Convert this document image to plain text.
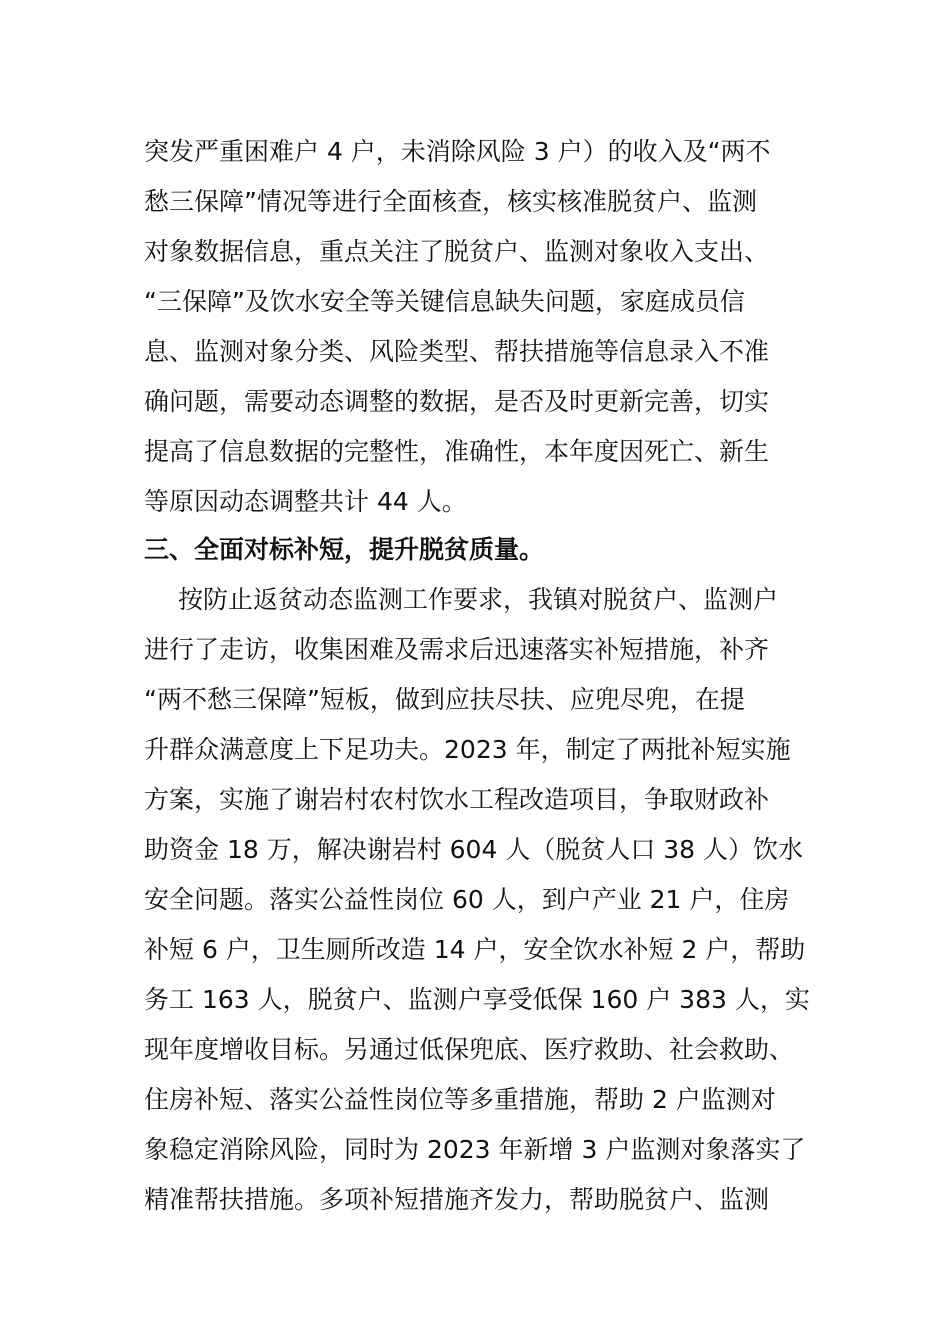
突发严重困难户 4 户，未消除风险 3 户）的收入及“两不
愁三保障”情况等进行全面核查，核实核准脱贫户、监测
对象数据信息，重点关注了脱贫户、监测对象收入支出、
“三保障”及饮水安全等关键信息缺失问题，家庭成员信
息、监测对象分类、风险类型、帮扶措施等信息录入不准
确问题，需要动态调整的数据，是否及时更新完善，切实
提高了信息数据的完整性，准确性，本年度因死亡、新生
等原因动态调整共计 44 人。
三、全面对标补短，提升脱贫质量。
按防止返贫动态监测工作要求，我镇对脱贫户、监测户
进行了走访，收集困难及需求后迅速落实补短措施，补齐
“两不愁三保障”短板，做到应扶尽扶、应兜尽兜，在提
升群众满意度上下足功夫。2023 年，制定了两批补短实施
方案，实施了谢岩村农村饮水工程改造项目，争取财政补
助资金 18 万，解决谢岩村 604 人（脱贫人口 38 人）饮水
安全问题。落实公益性岗位 60 人，到户产业 21 户，住房
补短 6 户，卫生厕所改造 14 户，安全饮水补短 2 户，帮助
务工 163 人，脱贫户、监测户享受低保 160 户 383 人，实
现年度增收目标。另通过低保兜底、医疗救助、社会救助、
住房补短、落实公益性岗位等多重措施，帮助 2 户监测对
象稳定消除风险，同时为 2023 年新增 3 户监测对象落实了
精准帮扶措施。多项补短措施齐发力，帮助脱贫户、监测
